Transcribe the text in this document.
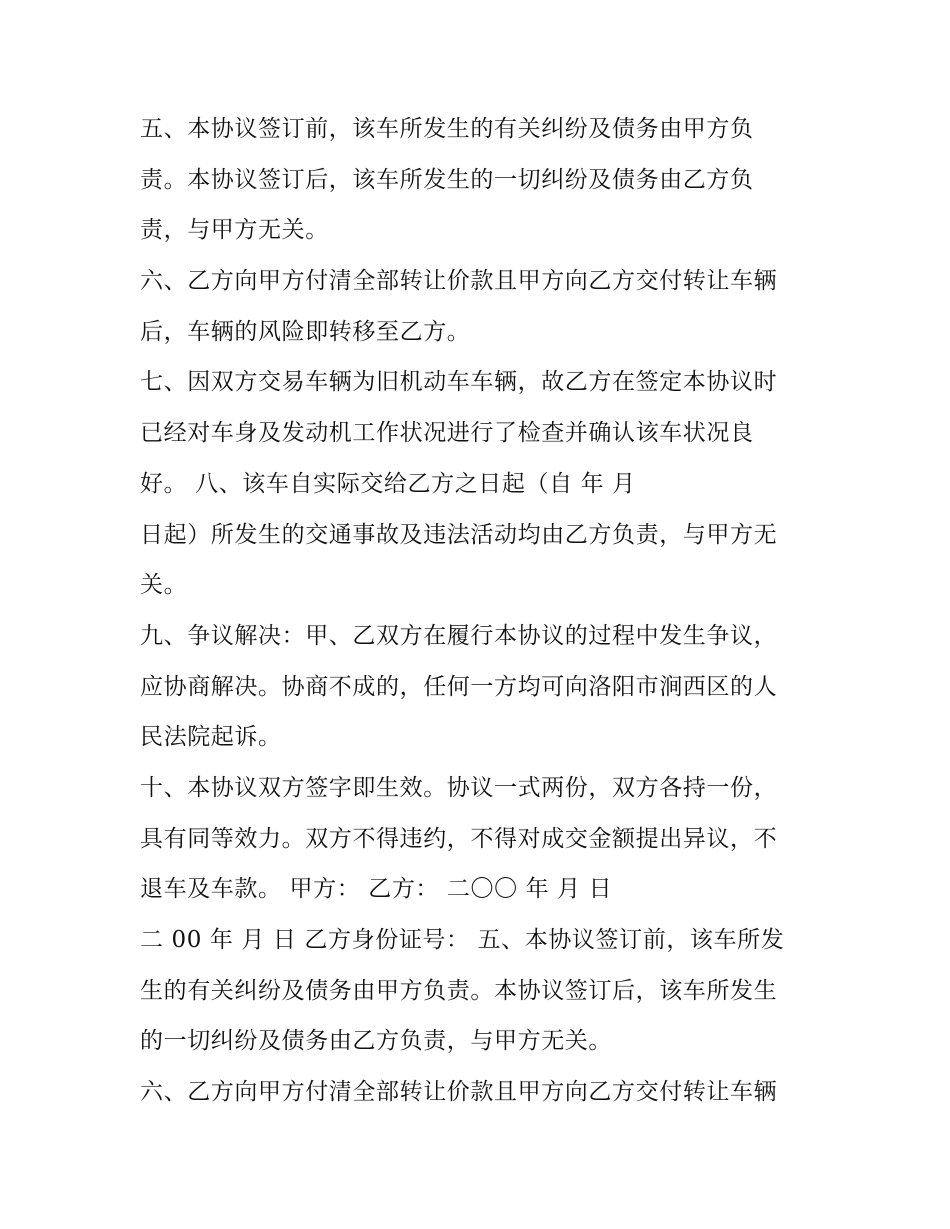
五、本协议签订前，该车所发生的有关纠纷及债务由甲方负
责。本协议签订后，该车所发生的一切纠纷及债务由乙方负
责，与甲方无关。
六、乙方向甲方付清全部转让价款且甲方向乙方交付转让车辆
后，车辆的风险即转移至乙方。
七、因双方交易车辆为旧机动车车辆，故乙方在签定本协议时
已经对车身及发动机工作状况进行了检查并确认该车状况良
好。 八、该车自实际交给乙方之日起（自 年 月
日起）所发生的交通事故及违法活动均由乙方负责，与甲方无
关。
九、争议解决：甲、乙双方在履行本协议的过程中发生争议，
应协商解决。协商不成的，任何一方均可向洛阳市涧西区的人
民法院起诉。
十、本协议双方签字即生效。协议一式两份，双方各持一份，
具有同等效力。双方不得违约，不得对成交金额提出异议，不
退车及车款。 甲方： 乙方： 二〇〇 年 月 日
二 00 年 月 日 乙方身份证号： 五、本协议签订前，该车所发
生的有关纠纷及债务由甲方负责。本协议签订后，该车所发生
的一切纠纷及债务由乙方负责，与甲方无关。
六、乙方向甲方付清全部转让价款且甲方向乙方交付转让车辆
